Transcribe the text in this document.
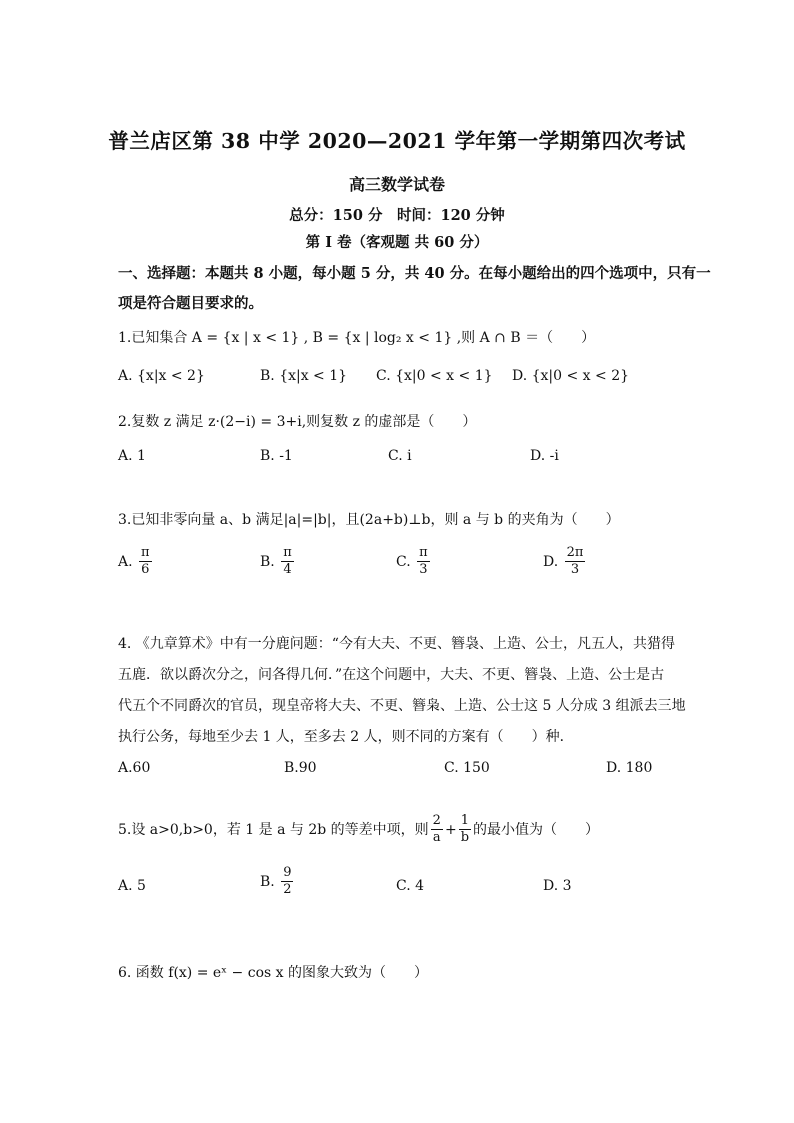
普兰店区第 38 中学 2020—2021 学年第一学期第四次考试
高三数学试卷
总分：150 分　时间：120 分钟
第 I 卷（客观题 共 60 分）
一、选择题：本题共 8 小题，每小题 5 分，共 40 分。在每小题给出的四个选项中，只有一
项是符合题目要求的。
1.已知集合 A = {x | x < 1} , B = {x | log₂ x < 1} ,则 A ∩ B ＝（　　）
A. {x|x < 2}	B. {x|x < 1} C. {x|0 < x < 1} D. {x|0 < x < 2}
2.复数 z 满足 z·(2−i) = 3+i,则复数 z 的虚部是（　　）
A. 1	B. -1	C. i	D. -i
3.已知非零向量 a、b 满足|a|=|b|，且(2a+b)⊥b，则 a 与 b 的夹角为（　　）
A. $\frac{\pi}{6}$	B. $\frac{\pi}{4}$	C. $\frac{\pi}{3}$	D. $\frac{2\pi}{3}$
4. 《九章算术》中有一分鹿问题：“今有大夫、不更、簪袅、上造、公士，凡五人，共猎得
五鹿．欲以爵次分之，问各得几何．”在这个问题中，大夫、不更、簪袅、上造、公士是古
代五个不同爵次的官员，现皇帝将大夫、不更、簪枭、上造、公士这 5 人分成 3 组派去三地
执行公务，每地至少去 1 人，至多去 2 人，则不同的方案有（　　）种．
A.60	B.90	C. 150	D. 180
5.设 a>0,b>0，若 1 是 a 与 2b 的等差中项，则 $\frac{2}{a} + \frac{1}{b}$ 的最小值为（　　）
A. 5	B. $\frac{9}{2}$	C. 4	D. 3
6. 函数 f(x) = eˣ − cos x 的图象大致为（　　）
